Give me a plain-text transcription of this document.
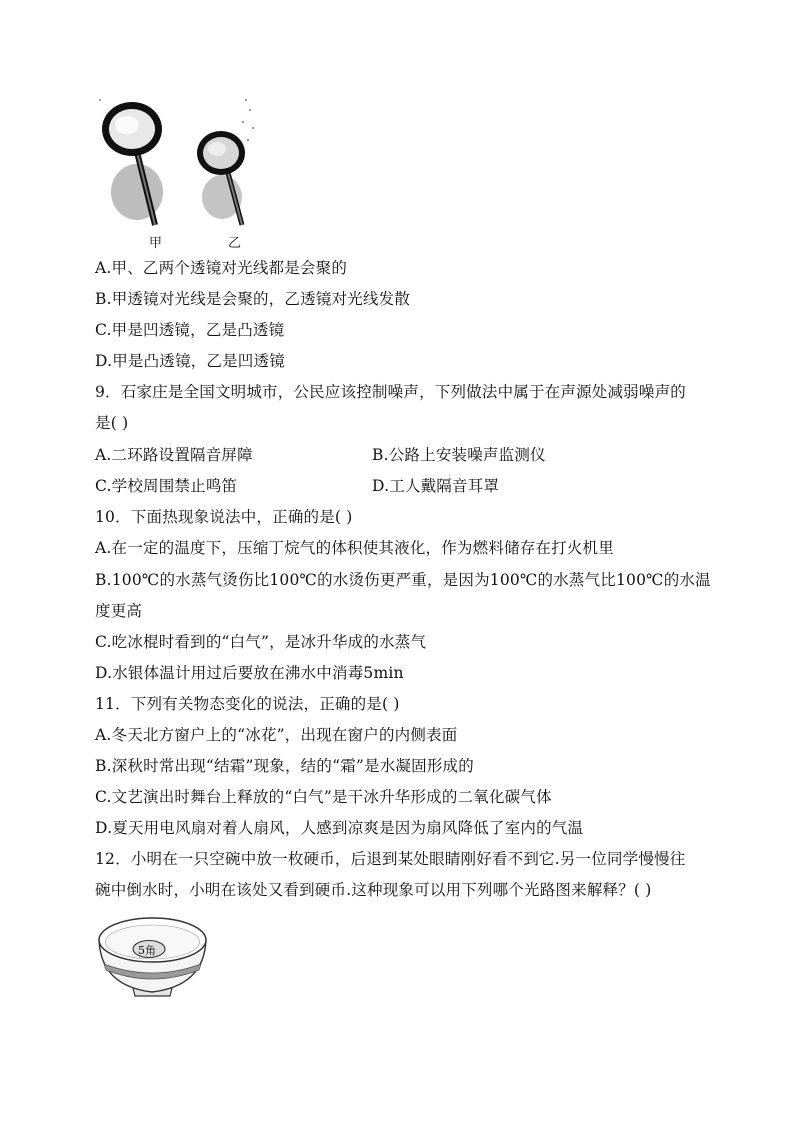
甲	乙
A.甲、乙两个透镜对光线都是会聚的
B.甲透镜对光线是会聚的，乙透镜对光线发散
C.甲是凹透镜，乙是凸透镜
D.甲是凸透镜，乙是凹透镜
9．石家庄是全国文明城市，公民应该控制噪声，下列做法中属于在声源处减弱噪声的
是( )
A.二环路设置隔音屏障	B.公路上安装噪声监测仪
C.学校周围禁止鸣笛	D.工人戴隔音耳罩
10．下面热现象说法中，正确的是( )
A.在一定的温度下，压缩丁烷气的体积使其液化，作为燃料储存在打火机里
B.100℃的水蒸气烫伤比100℃的水烫伤更严重，是因为100℃的水蒸气比100℃的水温
度更高
C.吃冰棍时看到的“白气”，是冰升华成的水蒸气
D.水银体温计用过后要放在沸水中消毒5min
11．下列有关物态变化的说法，正确的是( )
A.冬天北方窗户上的“冰花”，出现在窗户的内侧表面
B.深秋时常出现“结霜”现象，结的“霜”是水凝固形成的
C.文艺演出时舞台上释放的“白气”是干冰升华形成的二氧化碳气体
D.夏天用电风扇对着人扇风，人感到凉爽是因为扇风降低了室内的气温
12．小明在一只空碗中放一枚硬币，后退到某处眼睛刚好看不到它.另一位同学慢慢往
碗中倒水时，小明在该处又看到硬币.这种现象可以用下列哪个光路图来解释？( )
5角
